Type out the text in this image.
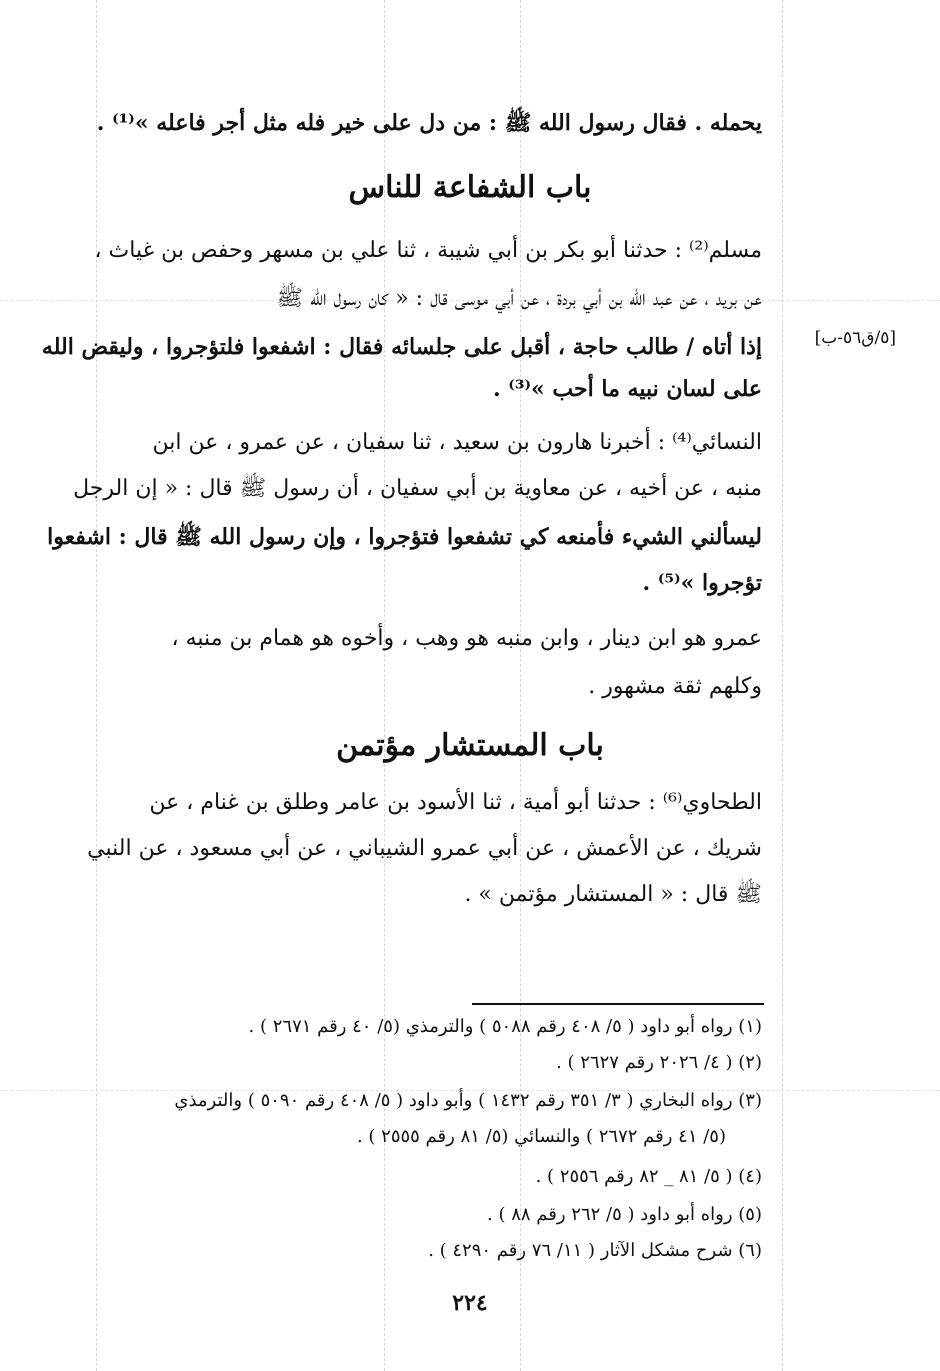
يحمله . فقال رسول الله ﷺ : من دل على خير فله مثل أجر فاعله »⁽¹⁾ .
باب الشفاعة للناس
مسلم⁽²⁾ : حدثنا أبو بكر بن أبي شيبة ، ثنا علي بن مسهر وحفص بن غياث ،
عن بريد ، عن عبد الله بن أبي بردة ، عن أبي موسى قال : « كان رسول الله ﷺ
إذا أتاه / طالب حاجة ، أقبل على جلسائه فقال : اشفعوا فلتؤجروا ، وليقض الله	[٥/ق٥٦-ب]
على لسان نبيه ما أحب »⁽³⁾ .
النسائي⁽⁴⁾ : أخبرنا هارون بن سعيد ، ثنا سفيان ، عن عمرو ، عن ابن
منبه ، عن أخيه ، عن معاوية بن أبي سفيان ، أن رسول ﷺ قال : « إن الرجل
ليسألني الشيء فأمنعه كي تشفعوا فتؤجروا ، وإن رسول الله ﷺ قال : اشفعوا
تؤجروا »⁽⁵⁾ .
عمرو هو ابن دينار ، وابن منبه هو وهب ، وأخوه هو همام بن منبه ،
وكلهم ثقة مشهور .
باب المستشار مؤتمن
الطحاوي⁽⁶⁾ : حدثنا أبو أمية ، ثنا الأسود بن عامر وطلق بن غنام ، عن
شريك ، عن الأعمش ، عن أبي عمرو الشيباني ، عن أبي مسعود ، عن النبي
ﷺ قال : « المستشار مؤتمن » .
(١) رواه أبو داود ( ٥/ ٤٠٨ رقم ٥٠٨٨ ) والترمذي (٥/ ٤٠ رقم ٢٦٧١ ) .
(٢) ( ٤/ ٢٠٢٦ رقم ٢٦٢٧ ) .
(٣) رواه البخاري ( ٣/ ٣٥١ رقم ١٤٣٢ ) وأبو داود ( ٥/ ٤٠٨ رقم ٥٠٩٠ ) والترمذي
(٥/ ٤١ رقم ٢٦٧٢ ) والنسائي (٥/ ٨١ رقم ٢٥٥٥ ) .
(٤) ( ٥/ ٨١ _ ٨٢ رقم ٢٥٥٦ ) .
(٥) رواه أبو داود ( ٥/ ٢٦٢ رقم ٨٨ ) .
(٦) شرح مشكل الآثار ( ١١/ ٧٦ رقم ٤٢٩٠ ) .
٢٢٤
